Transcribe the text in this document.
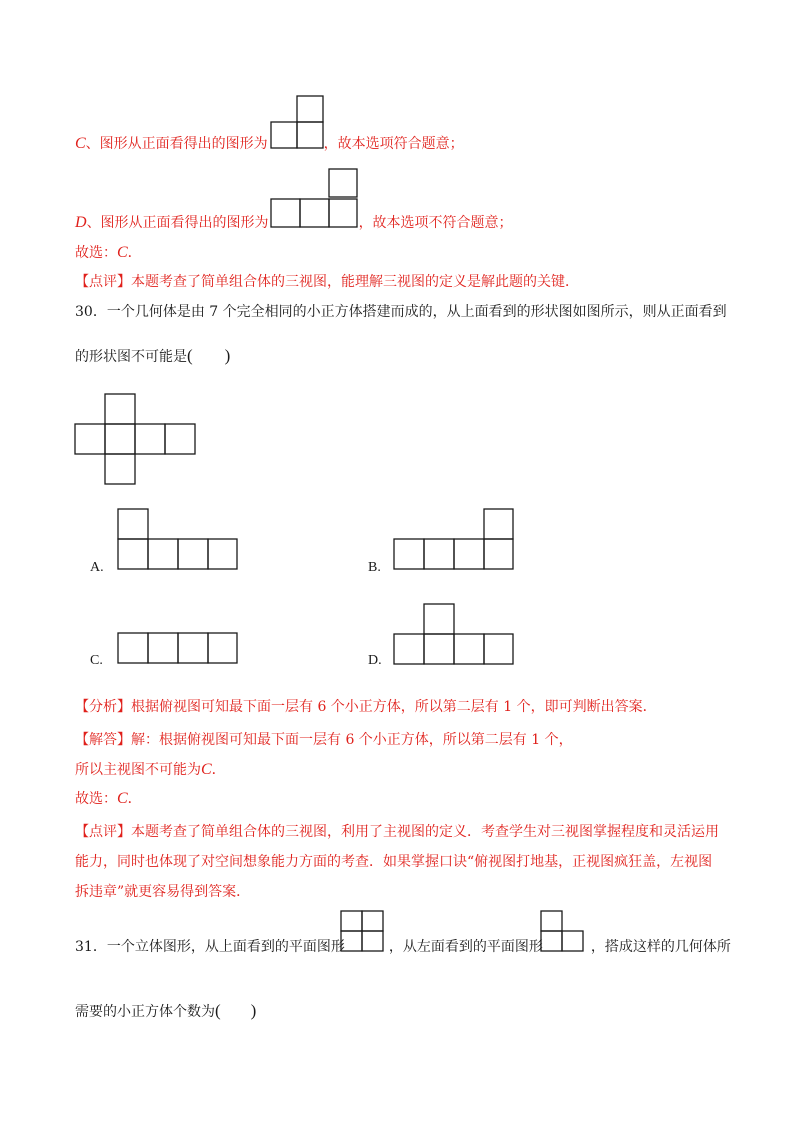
C、图形从正面看得出的图形为	，故本选项符合题意；
D、图形从正面看得出的图形为	，故本选项不符合题意；
故选：C．
【点评】本题考查了简单组合体的三视图，能理解三视图的定义是解此题的关键．
30．一个几何体是由 7 个完全相同的小正方体搭建而成的，从上面看到的形状图如图所示，则从正面看到
的形状图不可能是( )
A.	B.
C.	D.
【分析】根据俯视图可知最下面一层有 6 个小正方体，所以第二层有 1 个，即可判断出答案．
【解答】解：根据俯视图可知最下面一层有 6 个小正方体，所以第二层有 1 个，
所以主视图不可能为C．
故选：C．
【点评】本题考查了简单组合体的三视图，利用了主视图的定义．考查学生对三视图掌握程度和灵活运用
能力，同时也体现了对空间想象能力方面的考查．如果掌握口诀“俯视图打地基，正视图疯狂盖，左视图
拆违章”就更容易得到答案．
31．一个立体图形，从上面看到的平面图形	，从左面看到的平面图形	，搭成这样的几何体所
需要的小正方体个数为( )
